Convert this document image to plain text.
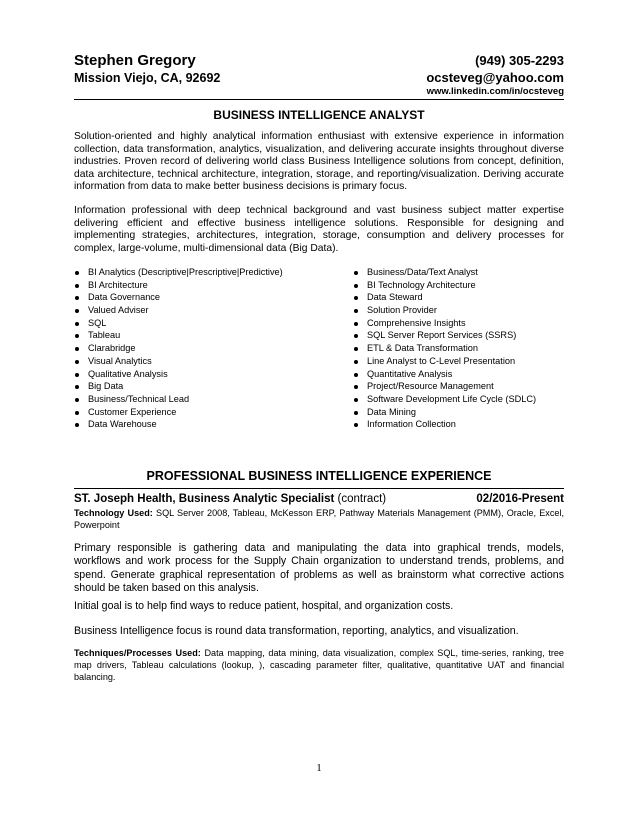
Stephen Gregory	(949) 305-2293
Mission Viejo, CA, 92692	ocsteveg@yahoo.com
www.linkedin.com/in/ocsteveg
BUSINESS INTELLIGENCE ANALYST

Solution-oriented and highly analytical information enthusiast with extensive experience in information collection, data transformation, analytics, visualization, and delivering accurate insights throughout diverse industries. Proven record of delivering world class Business Intelligence solutions from concept, definition, data architecture, technical architecture, integration, storage, and reporting/visualization. Deriving accurate information from data to make better business decisions is primary focus.

Information professional with deep technical background and vast business subject matter expertise delivering efficient and effective business intelligence solutions. Responsible for designing and implementing strategies, architectures, integration, storage, consumption and delivery processes for complex, large-volume, multi-dimensional data (Big Data).

BI Analytics (Descriptive|Prescriptive|Predictive)
BI Architecture
Data Governance
Valued Adviser
SQL
Tableau
Clarabridge
Visual Analytics
Qualitative Analysis
Big Data
Business/Technical Lead
Customer Experience
Data Warehouse
Business/Data/Text Analyst
BI Technology Architecture
Data Steward
Solution Provider
Comprehensive Insights
SQL Server Report Services (SSRS)
ETL & Data Transformation
Line Analyst to C-Level Presentation
Quantitative Analysis
Project/Resource Management
Software Development Life Cycle (SDLC)
Data Mining
Information Collection
PROFESSIONAL BUSINESS INTELLIGENCE EXPERIENCE
ST. Joseph Health, Business Analytic Specialist (contract)	02/2016-Present

Technology Used: SQL Server 2008, Tableau, McKesson ERP, Pathway Materials Management (PMM), Oracle, Excel, Powerpoint

Primary responsible is gathering data and manipulating the data into graphical trends, models, workflows and work process for the Supply Chain organization to understand trends, problems, and spend. Generate graphical representation of problems as well as brainstorm what corrective actions should be taken based on this analysis.

Initial goal is to help find ways to reduce patient, hospital, and organization costs.

Business Intelligence focus is round data transformation, reporting, analytics, and visualization.

Techniques/Processes Used: Data mapping, data mining, data visualization, complex SQL, time-series, ranking, tree map drivers, Tableau calculations (lookup, ), cascading parameter filter, qualitative, quantitative UAT and financial balancing.

1
